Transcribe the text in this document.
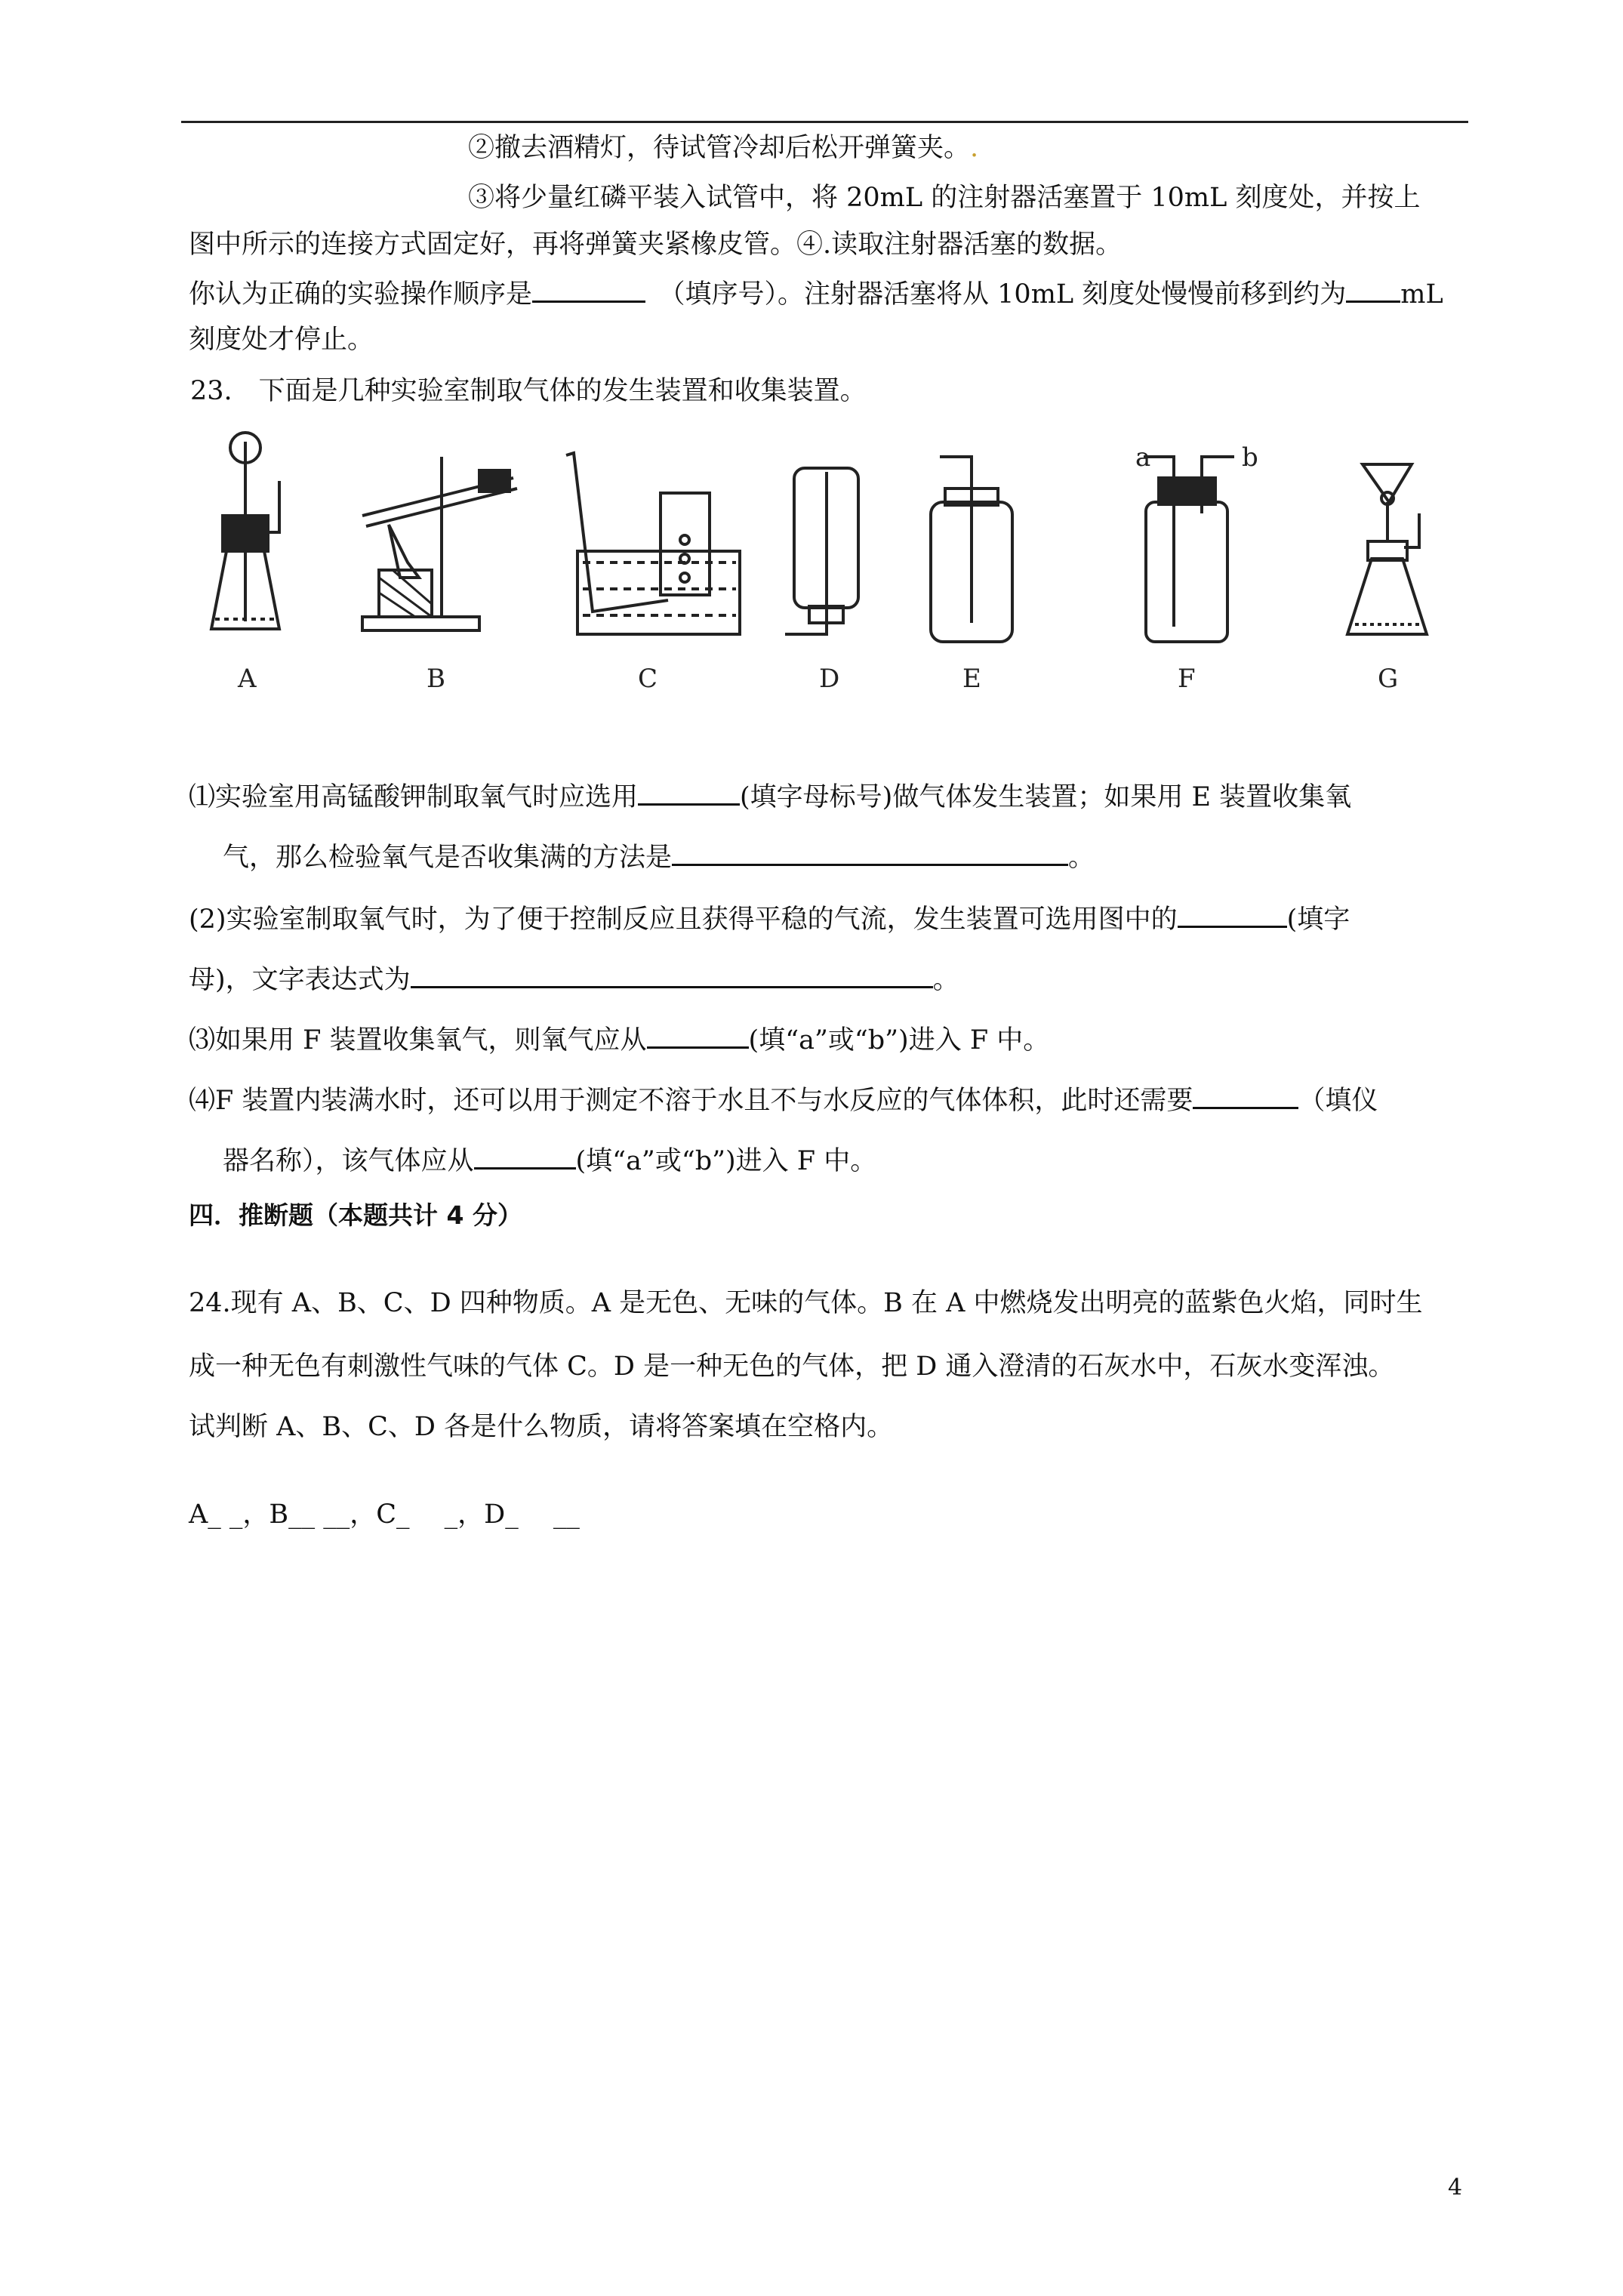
②撤去酒精灯，待试管冷却后松开弹簧夹。.
③将少量红磷平装入试管中，将 20mL 的注射器活塞置于 10mL 刻度处，并按上
图中所示的连接方式固定好，再将弹簧夹紧橡皮管。④.读取注射器活塞的数据。
你认为正确的实验操作顺序是　	（填序号）。注射器活塞将从 10mL 刻度处慢慢前移到约为 mL
刻度处才停止。
23.　下面是几种实验室制取气体的发生装置和收集装置。
a	b
A	B	C	D	E	F	G
⑴实验室用高锰酸钾制取氧气时应选用	(填字母标号)做气体发生装置；如果用 E 装置收集氧
气，那么检验氧气是否收集满的方法是	。
(2)实验室制取氧气时，为了便于控制反应且获得平稳的气流，发生装置可选用图中的	(填字
母)，文字表达式为	。
⑶如果用 F 装置收集氧气，则氧气应从	(填“a”或“b”)进入 F 中。
⑷F 装置内装满水时，还可以用于测定不溶于水且不与水反应的气体体积，此时还需要	（填仪
器名称），该气体应从	(填“a”或“b”)进入 F 中。
四．推断题（本题共计 4 分）
24.现有 A、B、C、D 四种物质。A 是无色、无味的气体。B 在 A 中燃烧发出明亮的蓝紫色火焰，同时生
成一种无色有刺激性气味的气体 C。D 是一种无色的气体，把 D 通入澄清的石灰水中，石灰水变浑浊。
试判断 A、B、C、D 各是什么物质，请将答案填在空格内。
A_ _，B__ __，C_　 _，D_　 __
4
